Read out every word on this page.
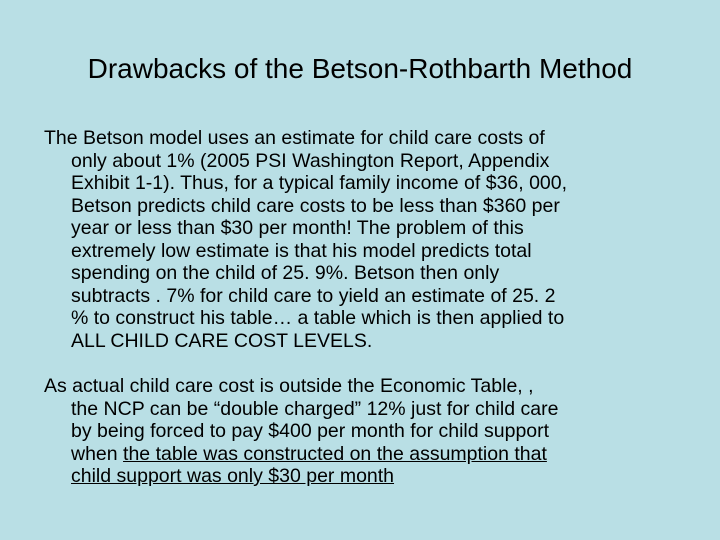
Drawbacks of the Betson-Rothbarth Method
The Betson model uses an estimate for child care costs of
only about 1% (2005 PSI Washington Report, Appendix
Exhibit 1-1). Thus, for a typical family income of $36, 000,
Betson predicts child care costs to be less than $360 per
year or less than $30 per month! The problem of this
extremely low estimate is that his model predicts total
spending on the child of 25. 9%. Betson then only
subtracts . 7% for child care to yield an estimate of 25. 2
% to construct his table… a table which is then applied to
ALL CHILD CARE COST LEVELS.
As actual child care cost is outside the Economic Table, ,
the NCP can be “double charged” 12% just for child care
by being forced to pay $400 per month for child support
when the table was constructed on the assumption that
child support was only $30 per month
